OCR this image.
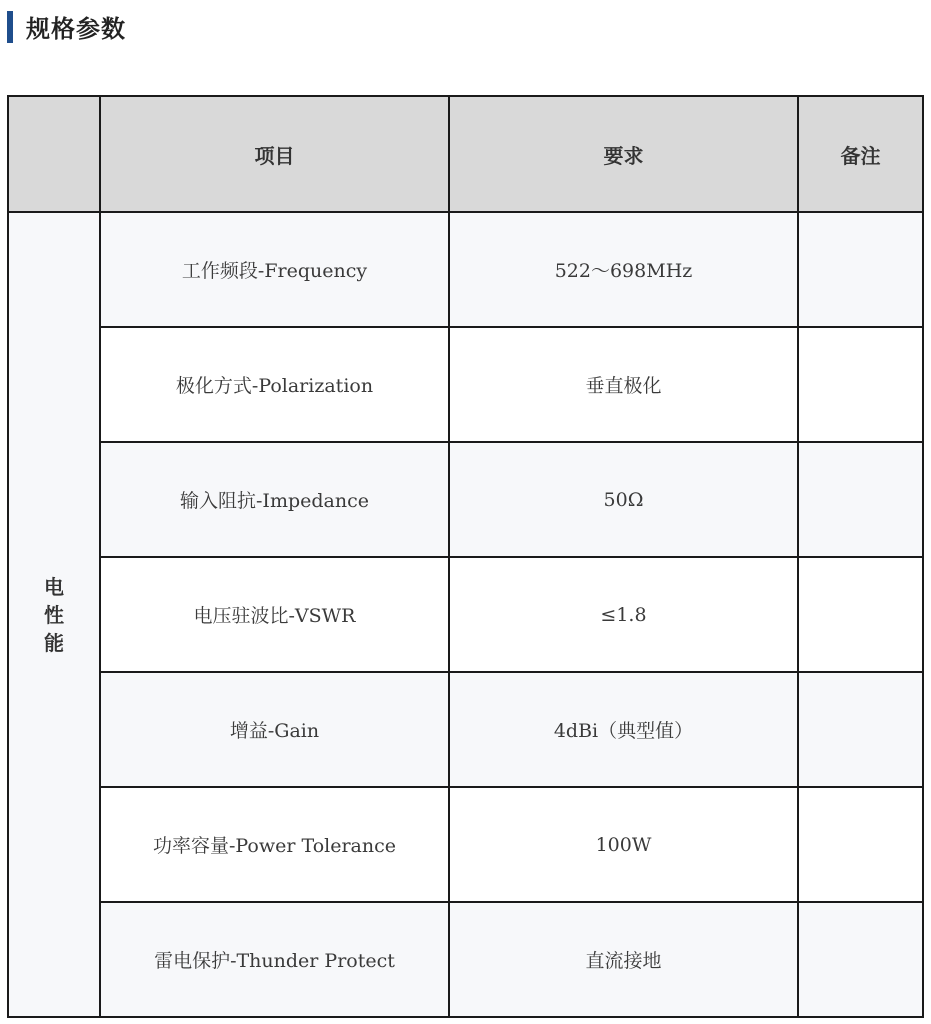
规格参数
	项目	要求	备注
电性能	工作频段-Frequency	522～698MHz	
	极化方式-Polarization	垂直极化	
	输入阻抗-Impedance	50Ω	
	电压驻波比-VSWR	≤1.8	
	增益-Gain	4dBi（典型值）	
	功率容量-Power Tolerance	100W	
	雷电保护-Thunder Protect	直流接地	
